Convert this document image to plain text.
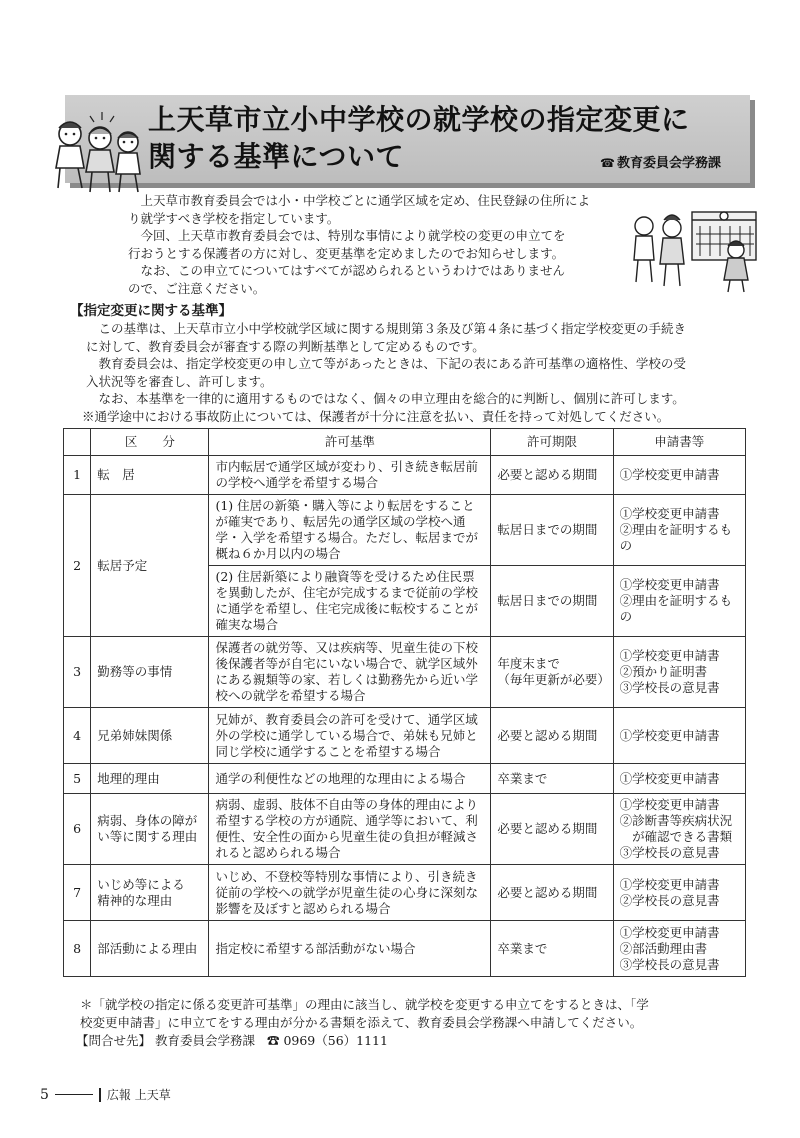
上天草市立小中学校の就学校の指定変更に
関する基準について	☎ 教育委員会学務課

上天草市教育委員会では小・中学校ごとに通学区域を定め、住民登録の住所によ

り就学すべき学校を指定しています。

今回、上天草市教育委員会では、特別な事情により就学校の変更の申立てを

行おうとする保護者の方に対し、変更基準を定めましたのでお知らせします。

なお、この申立てについてはすべてが認められるというわけではありません

ので、ご注意ください。

【指定変更に関する基準】

この基準は、上天草市立小中学校就学区域に関する規則第３条及び第４条に基づく指定学校変更の手続き

に対して、教育委員会が審査する際の判断基準として定めるものです。

教育委員会は、指定学校変更の申し立て等があったときは、下記の表にある許可基準の適格性、学校の受

入状況等を審査し、許可します。

なお、本基準を一律的に適用するものではなく、個々の申立理由を総合的に判断し、個別に許可します。

※通学途中における事故防止については、保護者が十分に注意を払い、責任を持って対処してください。

	区　　分	許可基準	許可期限	申請書等
1	転　居	市内転居で通学区域が変わり、引き続き転居前の学校へ通学を希望する場合	必要と認める期間	①学校変更申請書
2	転居予定	(1) 住居の新築・購入等により転居をすることが確実であり、転居先の通学区域の学校へ通学・入学を希望する場合。ただし、転居までが概ね６か月以内の場合	転居日までの期間	①学校変更申請書
②理由を証明するもの
		(2) 住居新築により融資等を受けるため住民票を異動したが、住宅が完成するまで従前の学校に通学を希望し、住宅完成後に転校することが確実な場合	転居日までの期間	①学校変更申請書
②理由を証明するもの
3	勤務等の事情	保護者の就労等、又は疾病等、児童生徒の下校後保護者等が自宅にいない場合で、就学区域外にある親類等の家、若しくは勤務先から近い学校への就学を希望する場合	年度末まで
（毎年更新が必要）	①学校変更申請書
②預かり証明書
③学校長の意見書
4	兄弟姉妹関係	兄姉が、教育委員会の許可を受けて、通学区域外の学校に通学している場合で、弟妹も兄姉と同じ学校に通学することを希望する場合	必要と認める期間	①学校変更申請書
5	地理的理由	通学の利便性などの地理的な理由による場合	卒業まで	①学校変更申請書
6	病弱、身体の障がい等に関する理由	病弱、虚弱、肢体不自由等の身体的理由により希望する学校の方が通院、通学等において、利便性、安全性の面から児童生徒の負担が軽減されると認められる場合	必要と認める期間	①学校変更申請書
②診断書等疾病状況
　が確認できる書類
③学校長の意見書
7	いじめ等による
精神的な理由	いじめ、不登校等特別な事情により、引き続き従前の学校への就学が児童生徒の心身に深刻な影響を及ぼすと認められる場合	必要と認める期間	①学校変更申請書
②学校長の意見書
8	部活動による理由	指定校に希望する部活動がない場合	卒業まで	①学校変更申請書
②部活動理由書
③学校長の意見書

＊「就学校の指定に係る変更許可基準」の理由に該当し、就学校を変更する申立てをするときは、「学

校変更申請書」に申立てをする理由が分かる書類を添えて、教育委員会学務課へ申請してください。

【問合せ先】 教育委員会学務課 ☎ 0969（56）1111

5	広報 上天草
